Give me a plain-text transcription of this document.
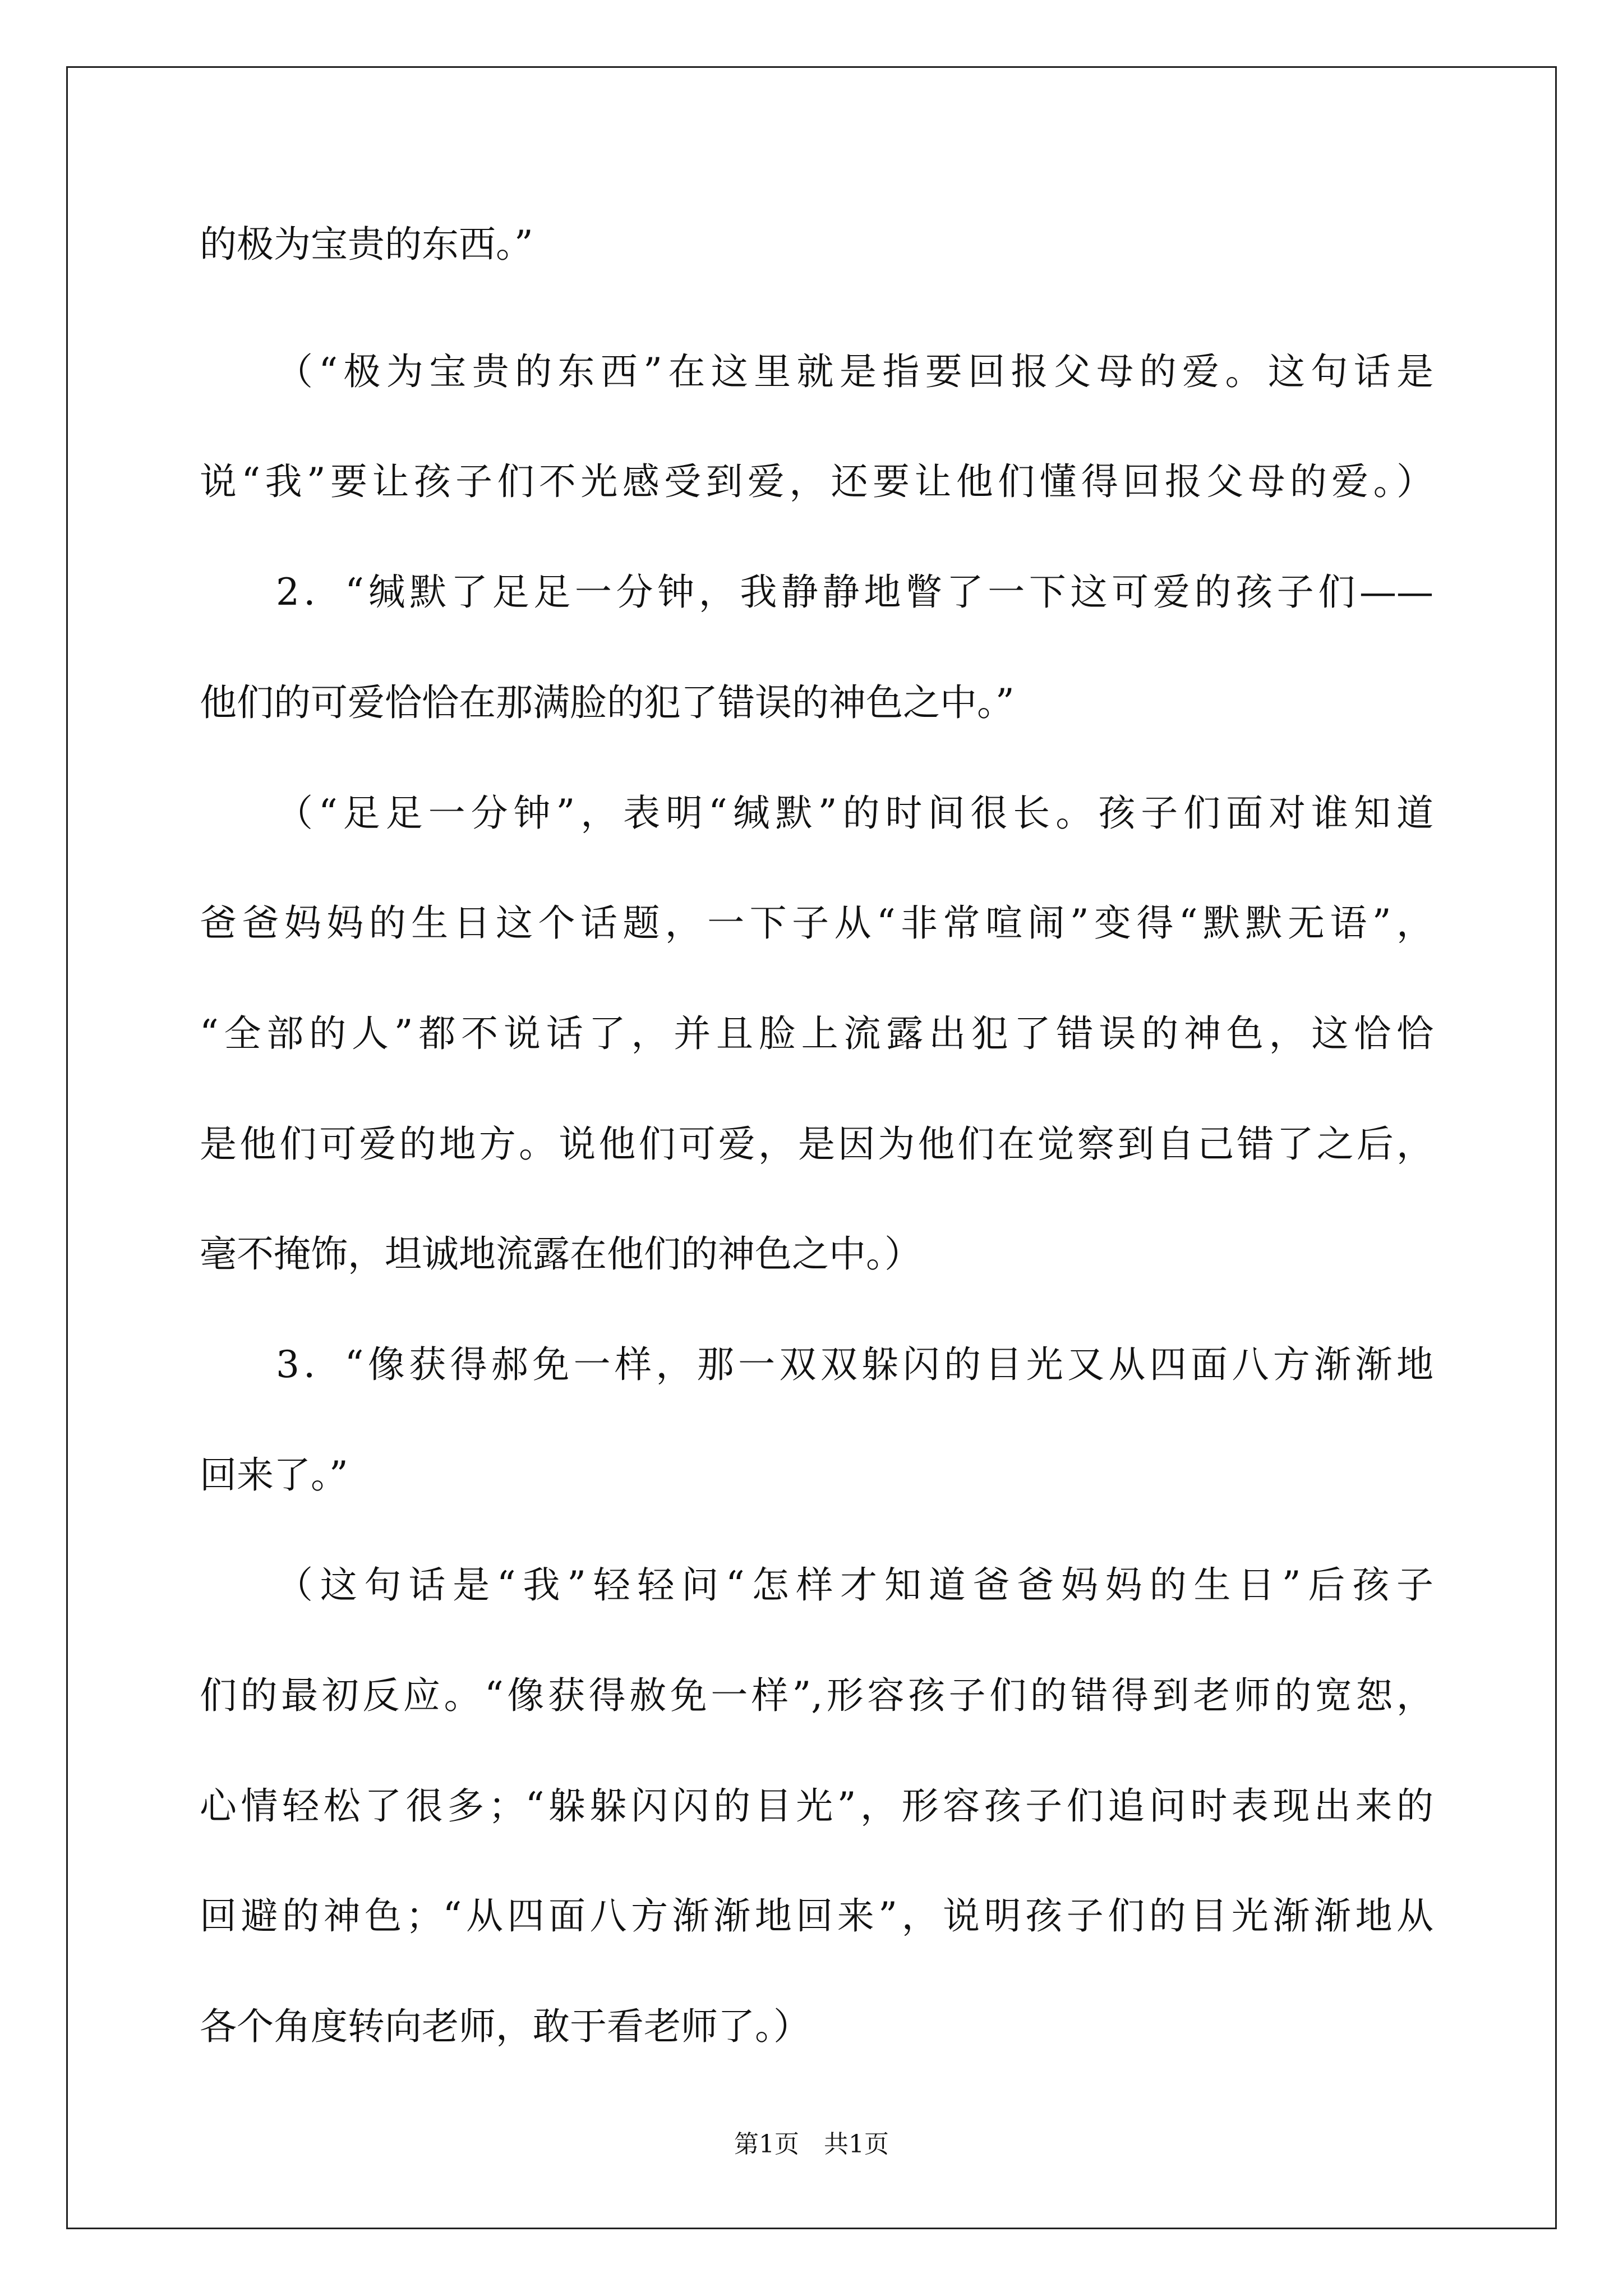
的极为宝贵的东西。”
（“极为宝贵的东西”在这里就是指要回报父母的爱。这句话是
说“我”要让孩子们不光感受到爱，还要让他们懂得回报父母的爱。）
2．“缄默了足足一分钟，我静静地瞥了一下这可爱的孩子们——
他们的可爱恰恰在那满脸的犯了错误的神色之中。”
（“足足一分钟”，表明“缄默”的时间很长。孩子们面对谁知道
爸爸妈妈的生日这个话题，一下子从“非常喧闹”变得“默默无语”，
“全部的人”都不说话了，并且脸上流露出犯了错误的神色，这恰恰
是他们可爱的地方。说他们可爱，是因为他们在觉察到自己错了之后，
毫不掩饰，坦诚地流露在他们的神色之中。）
3．“像获得郝免一样，那一双双躲闪的目光又从四面八方渐渐地
回来了。”
（这句话是“我”轻轻问“怎样才知道爸爸妈妈的生日”后孩子
们的最初反应。“像获得赦免一样”,形容孩子们的错得到老师的宽恕，
心情轻松了很多；“躲躲闪闪的目光”，形容孩子们追问时表现出来的
回避的神色；“从四面八方渐渐地回来”，说明孩子们的目光渐渐地从
各个角度转向老师，敢于看老师了。）
第1页　共1页
